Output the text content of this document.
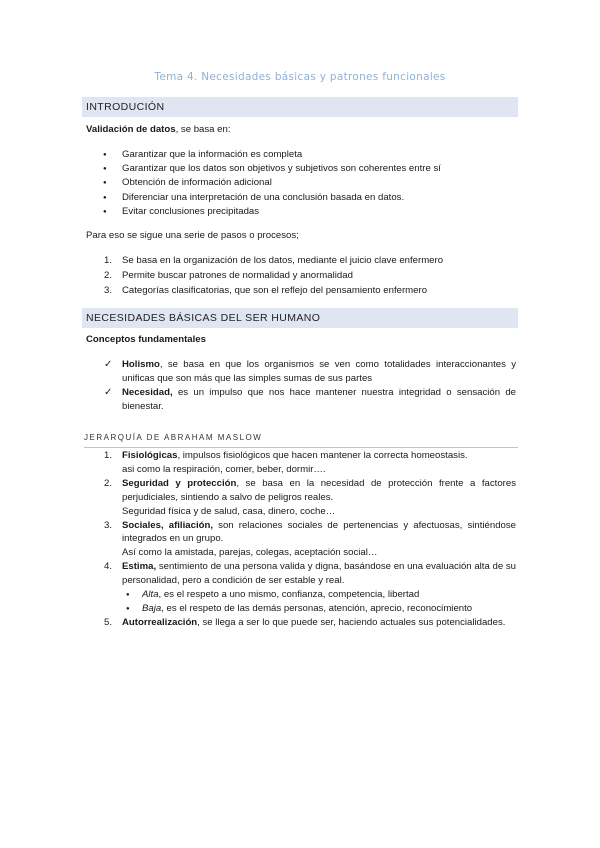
Tema 4. Necesidades básicas y patrones funcionales
INTRODUCIÓN
Validación de datos, se basa en:
● Garantizar que la información es completa
● Garantizar que los datos son objetivos y subjetivos son coherentes entre sí
● Obtención de información adicional
● Diferenciar una interpretación de una conclusión basada en datos.
● Evitar conclusiones precipitadas
Para eso se sigue una serie de pasos o procesos;
1. Se basa en la organización de los datos, mediante el juicio clave enfermero
2. Permite buscar patrones de normalidad y anormalidad
3. Categorías clasificatorias, que son el reflejo del pensamiento enfermero
NECESIDADES BÁSICAS DEL SER HUMANO
Conceptos fundamentales
✓ Holismo, se basa en que los organismos se ven como totalidades interaccionantes y unificas que son más que las simples sumas de sus partes
✓ Necesidad, es un impulso que nos hace mantener nuestra integridad o sensación de bienestar.
JERARQUÍA DE ABRAHAM MASLOW
1. Fisiológicas, impulsos fisiológicos que hacen mantener la correcta homeostasis.
asi como la respiración, comer, beber, dormir….
2. Seguridad y protección, se basa en la necesidad de protección frente a factores perjudiciales, sintiendo a salvo de peligros reales.
Seguridad física y de salud, casa, dinero, coche…
3. Sociales, afiliación, son relaciones sociales de pertenencias y afectuosas, sintiéndose integrados en un grupo.
Así como la amistada, parejas, colegas, aceptación social…
4. Estima, sentimiento de una persona valida y digna, basándose en una evaluación alta de su personalidad, pero a condición de ser estable y real.
● Alta, es el respeto a uno mismo, confianza, competencia, libertad
● Baja, es el respeto de las demás personas, atención, aprecio, reconocimiento
5. Autorrealización, se llega a ser lo que puede ser, haciendo actuales sus potencialidades.
